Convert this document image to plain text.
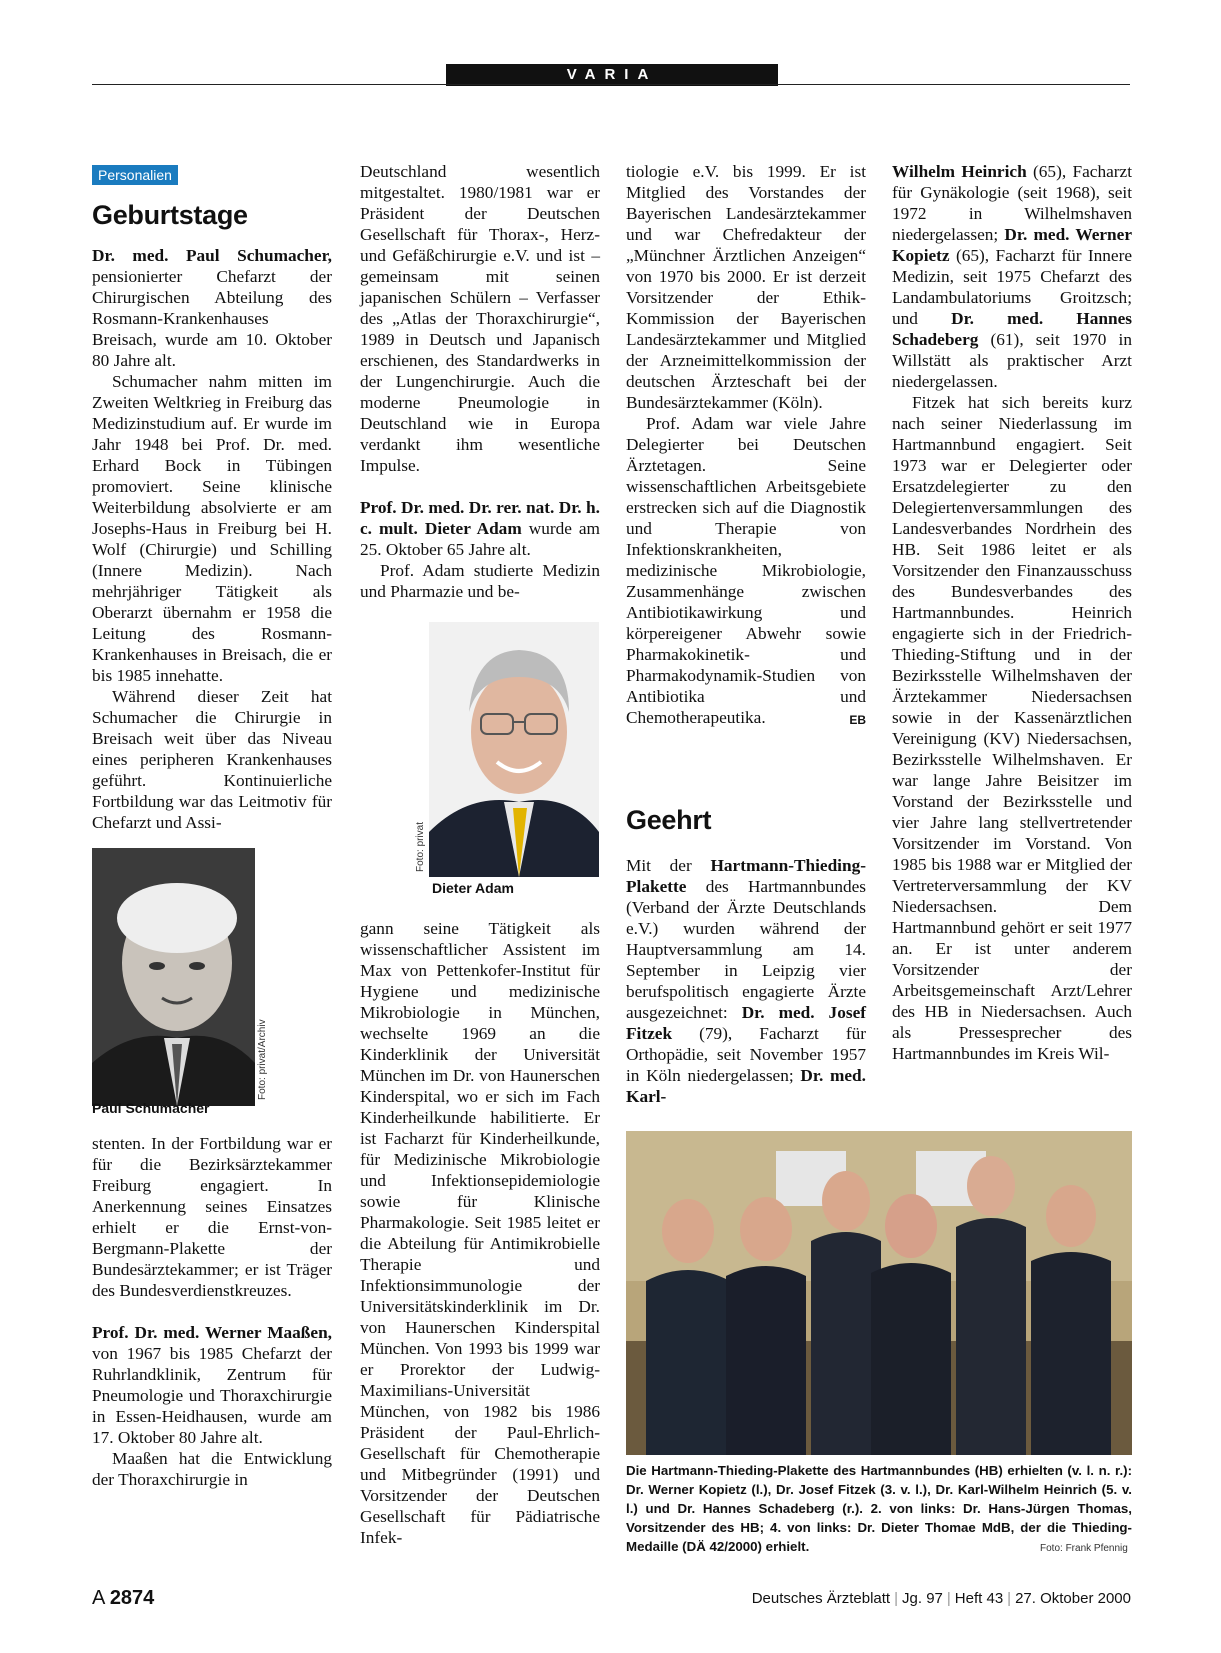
VARIA
Personalien
Geburtstage

Dr. med. Paul Schumacher, pensionierter Chefarzt der Chirurgischen Abteilung des Rosmann-Krankenhauses Breisach, wurde am 10. Oktober 80 Jahre alt.

Schumacher nahm mitten im Zweiten Weltkrieg in Freiburg das Medizinstudium auf. Er wurde im Jahr 1948 bei Prof. Dr. med. Erhard Bock in Tübingen promoviert. Seine klinische Weiterbildung absolvierte er am Josephs-Haus in Freiburg bei H. Wolf (Chirurgie) und Schilling (Innere Medizin). Nach mehrjähriger Tätigkeit als Oberarzt übernahm er 1958 die Leitung des Rosmann-Krankenhauses in Breisach, die er bis 1985 innehatte.

Während dieser Zeit hat Schumacher die Chirurgie in Breisach weit über das Niveau eines peripheren Krankenhauses geführt. Kontinuierliche Fortbildung war das Leitmotiv für Chefarzt und Assi-

Foto: privat/Archiv
Paul Schumacher

stenten. In der Fortbildung war er für die Bezirksärztekammer Freiburg engagiert. In Anerkennung seines Einsatzes erhielt er die Ernst-von-Bergmann-Plakette der Bundesärztekammer; er ist Träger des Bundesverdienstkreuzes.

Prof. Dr. med. Werner Maaßen, von 1967 bis 1985 Chefarzt der Ruhrlandklinik, Zentrum für Pneumologie und Thoraxchirurgie in Essen-Heidhausen, wurde am 17. Oktober 80 Jahre alt.

Maaßen hat die Entwicklung der Thoraxchirurgie in

Deutschland wesentlich mitgestaltet. 1980/1981 war er Präsident der Deutschen Gesellschaft für Thorax-, Herz- und Gefäßchirurgie e.V. und ist – gemeinsam mit seinen japanischen Schülern – Verfasser des „Atlas der Thoraxchirurgie“, 1989 in Deutsch und Japanisch erschienen, des Standardwerks in der Lungenchirurgie. Auch die moderne Pneumologie in Deutschland wie in Europa verdankt ihm wesentliche Impulse.

Prof. Dr. med. Dr. rer. nat. Dr. h. c. mult. Dieter Adam wurde am 25. Oktober 65 Jahre alt.

Prof. Adam studierte Medizin und Pharmazie und be-

Foto: privat
Dieter Adam

gann seine Tätigkeit als wissenschaftlicher Assistent im Max von Pettenkofer-Institut für Hygiene und medizinische Mikrobiologie in München, wechselte 1969 an die Kinderklinik der Universität München im Dr. von Haunerschen Kinderspital, wo er sich im Fach Kinderheilkunde habilitierte. Er ist Facharzt für Kinderheilkunde, für Medizinische Mikrobiologie und Infektionsepidemiologie sowie für Klinische Pharmakologie. Seit 1985 leitet er die Abteilung für Antimikrobielle Therapie und Infektionsimmunologie der Universitätskinderklinik im Dr. von Haunerschen Kinderspital München. Von 1993 bis 1999 war er Prorektor der Ludwig-Maximilians-Universität München, von 1982 bis 1986 Präsident der Paul-Ehrlich-Gesellschaft für Chemotherapie und Mitbegründer (1991) und Vorsitzender der Deutschen Gesellschaft für Pädiatrische Infek-

tiologie e.V. bis 1999. Er ist Mitglied des Vorstandes der Bayerischen Landesärztekammer und war Chefredakteur der „Münchner Ärztlichen Anzeigen“ von 1970 bis 2000. Er ist derzeit Vorsitzender der Ethik-Kommission der Bayerischen Landesärztekammer und Mitglied der Arzneimittelkommission der deutschen Ärzteschaft bei der Bundesärztekammer (Köln).

Prof. Adam war viele Jahre Delegierter bei Deutschen Ärztetagen. Seine wissenschaftlichen Arbeitsgebiete erstrecken sich auf die Diagnostik und Therapie von Infektionskrankheiten, medizinische Mikrobiologie, Zusammenhänge zwischen Antibiotikawirkung und körpereigener Abwehr sowie Pharmakokinetik- und Pharmakodynamik-Studien von Antibiotika und Chemotherapeutika.	EB

Geehrt

Mit der Hartmann-Thieding-Plakette des Hartmannbundes (Verband der Ärzte Deutschlands e.V.) wurden während der Hauptversammlung am 14. September in Leipzig vier berufspolitisch engagierte Ärzte ausgezeichnet: Dr. med. Josef Fitzek (79), Facharzt für Orthopädie, seit November 1957 in Köln niedergelassen; Dr. med. Karl-

Wilhelm Heinrich (65), Facharzt für Gynäkologie (seit 1968), seit 1972 in Wilhelmshaven niedergelassen; Dr. med. Werner Kopietz (65), Facharzt für Innere Medizin, seit 1975 Chefarzt des Landambulatoriums Groitzsch; und Dr. med. Hannes Schadeberg (61), seit 1970 in Willstätt als praktischer Arzt niedergelassen.

Fitzek hat sich bereits kurz nach seiner Niederlassung im Hartmannbund engagiert. Seit 1973 war er Delegierter oder Ersatzdelegierter zu den Delegiertenversammlungen des Landesverbandes Nordrhein des HB. Seit 1986 leitet er als Vorsitzender den Finanzausschuss des Bundesverbandes des Hartmannbundes. Heinrich engagierte sich in der Friedrich-Thieding-Stiftung und in der Bezirksstelle Wilhelmshaven der Ärztekammer Niedersachsen sowie in der Kassenärztlichen Vereinigung (KV) Niedersachsen, Bezirksstelle Wilhelmshaven. Er war lange Jahre Beisitzer im Vorstand der Bezirksstelle und vier Jahre lang stellvertretender Vorsitzender im Vorstand. Von 1985 bis 1988 war er Mitglied der Vertreterversammlung der KV Niedersachsen. Dem Hartmannbund gehört er seit 1977 an. Er ist unter anderem Vorsitzender der Arbeitsgemeinschaft Arzt/Lehrer des HB in Niedersachsen. Auch als Pressesprecher des Hartmannbundes im Kreis Wil-

Die Hartmann-Thieding-Plakette des Hartmannbundes (HB) erhielten (v. l. n. r.): Dr. Werner Kopietz (l.), Dr. Josef Fitzek (3. v. l.), Dr. Karl-Wilhelm Heinrich (5. v. l.) und Dr. Hannes Schadeberg (r.). 2. von links: Dr. Hans-Jürgen Thomas, Vorsitzender des HB; 4. von links: Dr. Dieter Thomae MdB, der die Thieding-Medaille (DÄ 42/2000) erhielt.	Foto: Frank Pfennig
A 2874	Deutsches Ärzteblatt | Jg. 97 | Heft 43 | 27. Oktober 2000
